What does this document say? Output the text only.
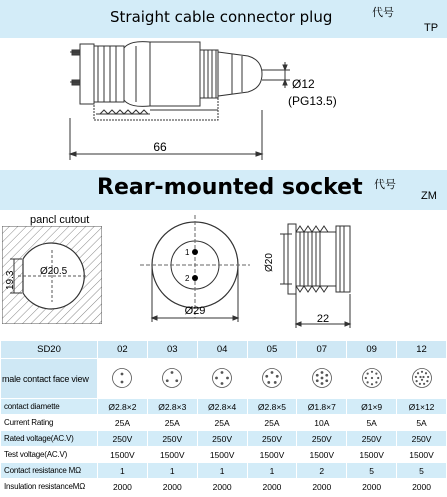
Straight cable connector plug	代号
TP
66
Ø12
(PG13.5)
Rear-mounted socket 代号
ZM
pancl cutout
19.3 Ø20.5
1
2
Ø29
Ø20
22
SD20	02	03	04	05	07	09	12
male contact face view							
contact diamette	Ø2.8×2	Ø2.8×3	Ø2.8×4	Ø2.8×5	Ø1.8×7	Ø1×9	Ø1×12
Current Rating	25A	25A	25A	25A	10A	5A	5A
Rated voltage(AC.V)	250V	250V	250V	250V	250V	250V	250V
Test voltage(AC.V)	1500V	1500V	1500V	1500V	1500V	1500V	1500V
Contact resistance MΩ	1	1	1	1	2	5	5
Insulation resistanceMΩ	2000	2000	2000	2000	2000	2000	2000
